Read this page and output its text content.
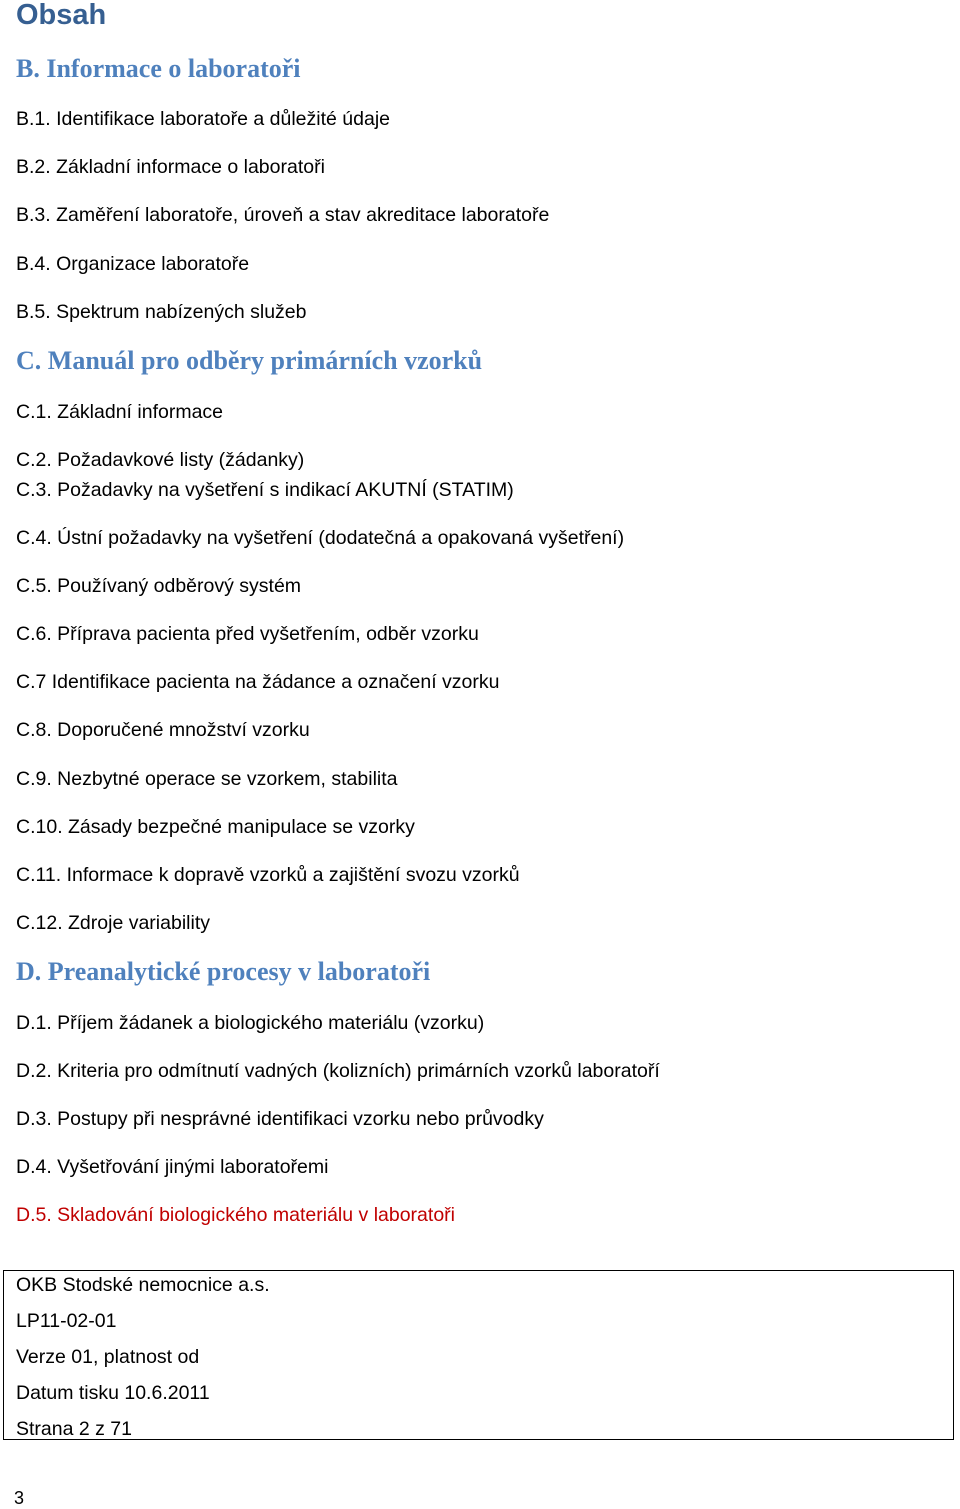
Obsah
B. Informace o laboratoři
B.1. Identifikace laboratoře a důležité údaje
B.2. Základní informace o laboratoři
B.3. Zaměření laboratoře, úroveň a stav akreditace laboratoře
B.4. Organizace laboratoře
B.5. Spektrum nabízených služeb
C. Manuál pro odběry primárních vzorků
C.1. Základní informace
C.2. Požadavkové listy (žádanky)
C.3. Požadavky na vyšetření s indikací AKUTNÍ (STATIM)
C.4. Ústní požadavky na vyšetření (dodatečná a opakovaná vyšetření)
C.5. Používaný odběrový systém
C.6. Příprava pacienta před vyšetřením, odběr vzorku
C.7 Identifikace pacienta na žádance a označení vzorku
C.8. Doporučené množství vzorku
C.9. Nezbytné operace se vzorkem, stabilita
C.10. Zásady bezpečné manipulace se vzorky
C.11. Informace k dopravě vzorků a zajištění svozu vzorků
C.12. Zdroje variability
D. Preanalytické procesy v laboratoři
D.1. Příjem žádanek a biologického materiálu (vzorku)
D.2. Kriteria pro odmítnutí vadných (kolizních) primárních vzorků laboratoří
D.3. Postupy při nesprávné identifikaci vzorku nebo průvodky
D.4. Vyšetřování jinými laboratořemi
D.5. Skladování biologického materiálu v laboratoři
OKB Stodské nemocnice a.s.
LP11-02-01
Verze 01, platnost od
Datum tisku 10.6.2011
Strana 2 z 71
3
